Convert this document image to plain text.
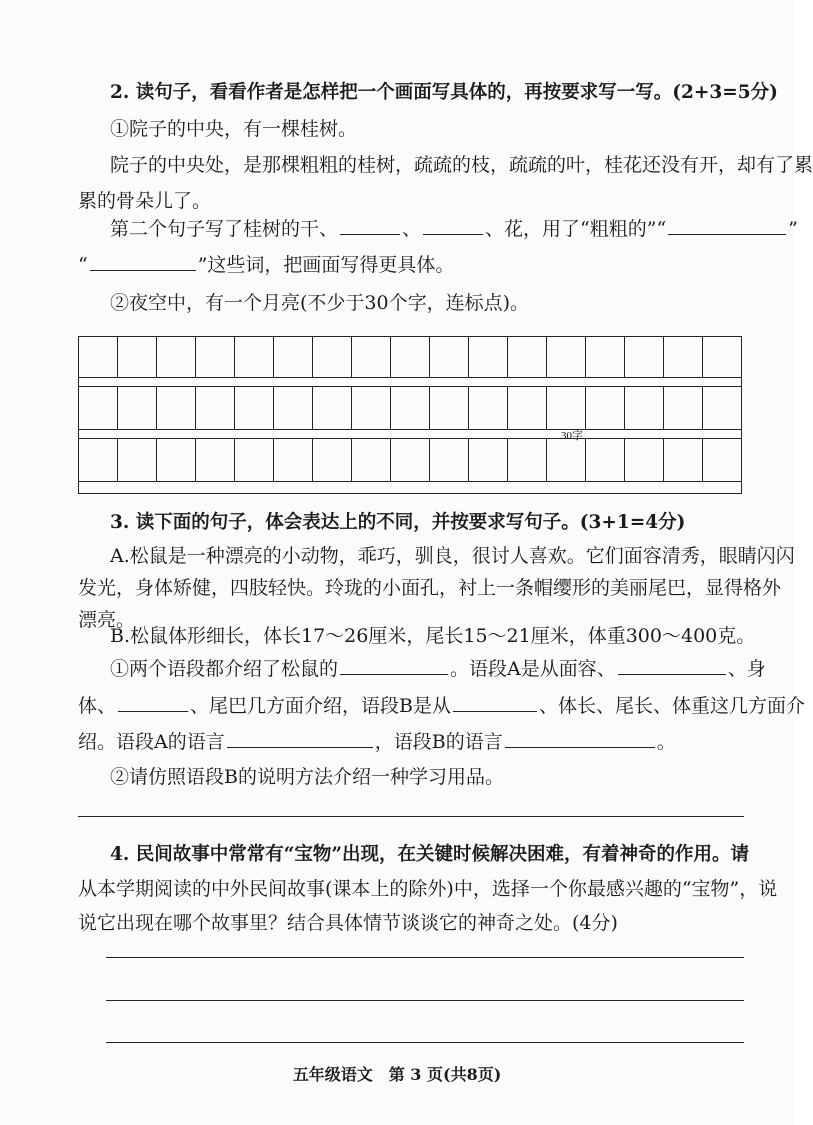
2. 读句子，看看作者是怎样把一个画面写具体的，再按要求写一写。(2+3=5分)
①院子的中央，有一棵桂树。
院子的中央处，是那棵粗粗的桂树，疏疏的枝，疏疏的叶，桂花还没有开，却有了累
累的骨朵儿了。
第二个句子写了桂树的干、	、	、花，用了“粗粗的”“	”
“	”这些词，把画面写得更具体。
②夜空中，有一个月亮(不少于30个字，连标点)。
30字
3. 读下面的句子，体会表达上的不同，并按要求写句子。(3+1=4分)
A.松鼠是一种漂亮的小动物，乖巧，驯良，很讨人喜欢。它们面容清秀，眼睛闪闪
发光，身体矫健，四肢轻快。玲珑的小面孔，衬上一条帽缨形的美丽尾巴，显得格外
漂亮。
B.松鼠体形细长，体长17～26厘米，尾长15～21厘米，体重300～400克。
①两个语段都介绍了松鼠的	。语段A是从面容、	、身
体、	、尾巴几方面介绍，语段B是从	、体长、尾长、体重这几方面介
绍。语段A的语言	，语段B的语言	。
②请仿照语段B的说明方法介绍一种学习用品。
4. 民间故事中常常有“宝物”出现，在关键时候解决困难，有着神奇的作用。请
从本学期阅读的中外民间故事(课本上的除外)中，选择一个你最感兴趣的“宝物”，说
说它出现在哪个故事里？结合具体情节谈谈它的神奇之处。(4分)
五年级语文　第 3 页(共8页)
